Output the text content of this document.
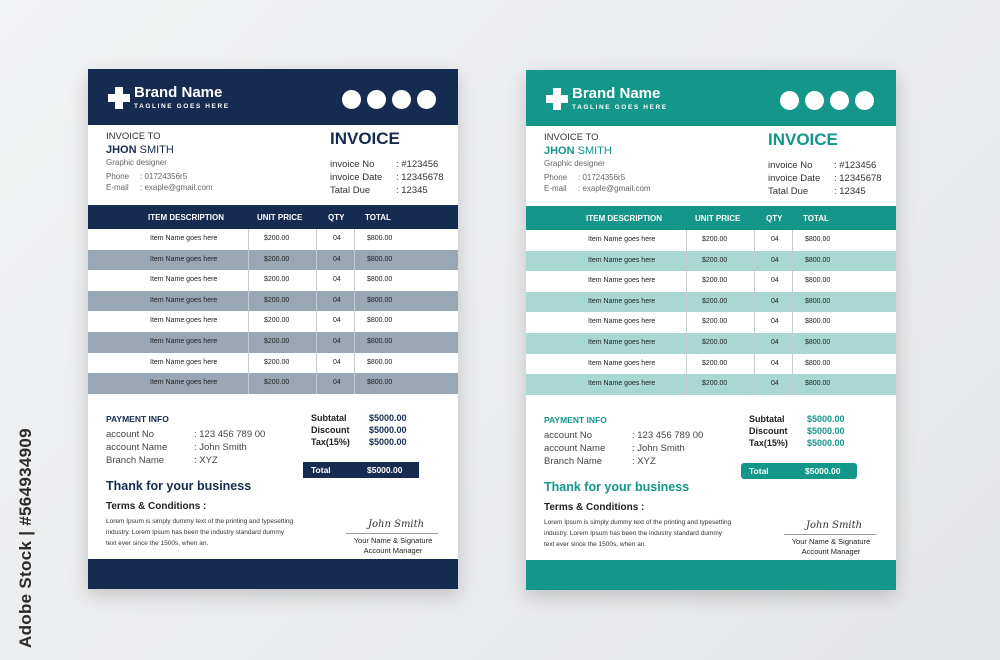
Adobe Stock | #564934909
Brand Name
TAGLINE GOES HERE
INVOICE TO
JHON SMITH
Graphic designer
Phone : 01724356r5
E-mail : exaple@gmail.com
INVOICE
invoice No : #123456
invoice Date : 12345678
Tatal Due	: 12345
ITEM DESCRIPTION	UNIT PRICE	QTY	TOTAL
Item Name goes here	$200.00	04	$800.00
Item Name goes here	$200.00	04	$800.00
Item Name goes here	$200.00	04	$800.00
Item Name goes here	$200.00	04	$800.00
Item Name goes here	$200.00	04	$800.00
Item Name goes here	$200.00	04	$800.00
Item Name goes here	$200.00	04	$800.00
Item Name goes here	$200.00	04	$800.00
PAYMENT INFO
account No	: 123 456 789 00
account Name	: John Smith
Branch Name	: XYZ
Subtatal $5000.00
Discount $5000.00
Tax(15%) $5000.00
Total	$5000.00
Thank for your business
Terms & Conditions :
Lorem Ipsum is simply dummy text of the printing and typesetting industry. Lorem Ipsum has been the industry standard dummy text ever since the 1500s, when an.
John Smith
Your Name & Signature
Account Manager
Brand Name
TAGLINE GOES HERE
INVOICE TO
JHON SMITH
Graphic designer
Phone : 01724356r5
E-mail : exaple@gmail.com
INVOICE
invoice No : #123456
invoice Date : 12345678
Tatal Due	: 12345
ITEM DESCRIPTION	UNIT PRICE	QTY	TOTAL
Item Name goes here	$200.00	04	$800.00
Item Name goes here	$200.00	04	$800.00
Item Name goes here	$200.00	04	$800.00
Item Name goes here	$200.00	04	$800.00
Item Name goes here	$200.00	04	$800.00
Item Name goes here	$200.00	04	$800.00
Item Name goes here	$200.00	04	$800.00
Item Name goes here	$200.00	04	$800.00
PAYMENT INFO
account No	: 123 456 789 00
account Name	: John Smith
Branch Name	: XYZ
Subtatal $5000.00
Discount $5000.00
Tax(15%) $5000.00
Total	$5000.00
Thank for your business
Terms & Conditions :
Lorem Ipsum is simply dummy text of the printing and typesetting industry. Lorem Ipsum has been the industry standard dummy text ever since the 1500s, when an.
John Smith
Your Name & Signature
Account Manager
